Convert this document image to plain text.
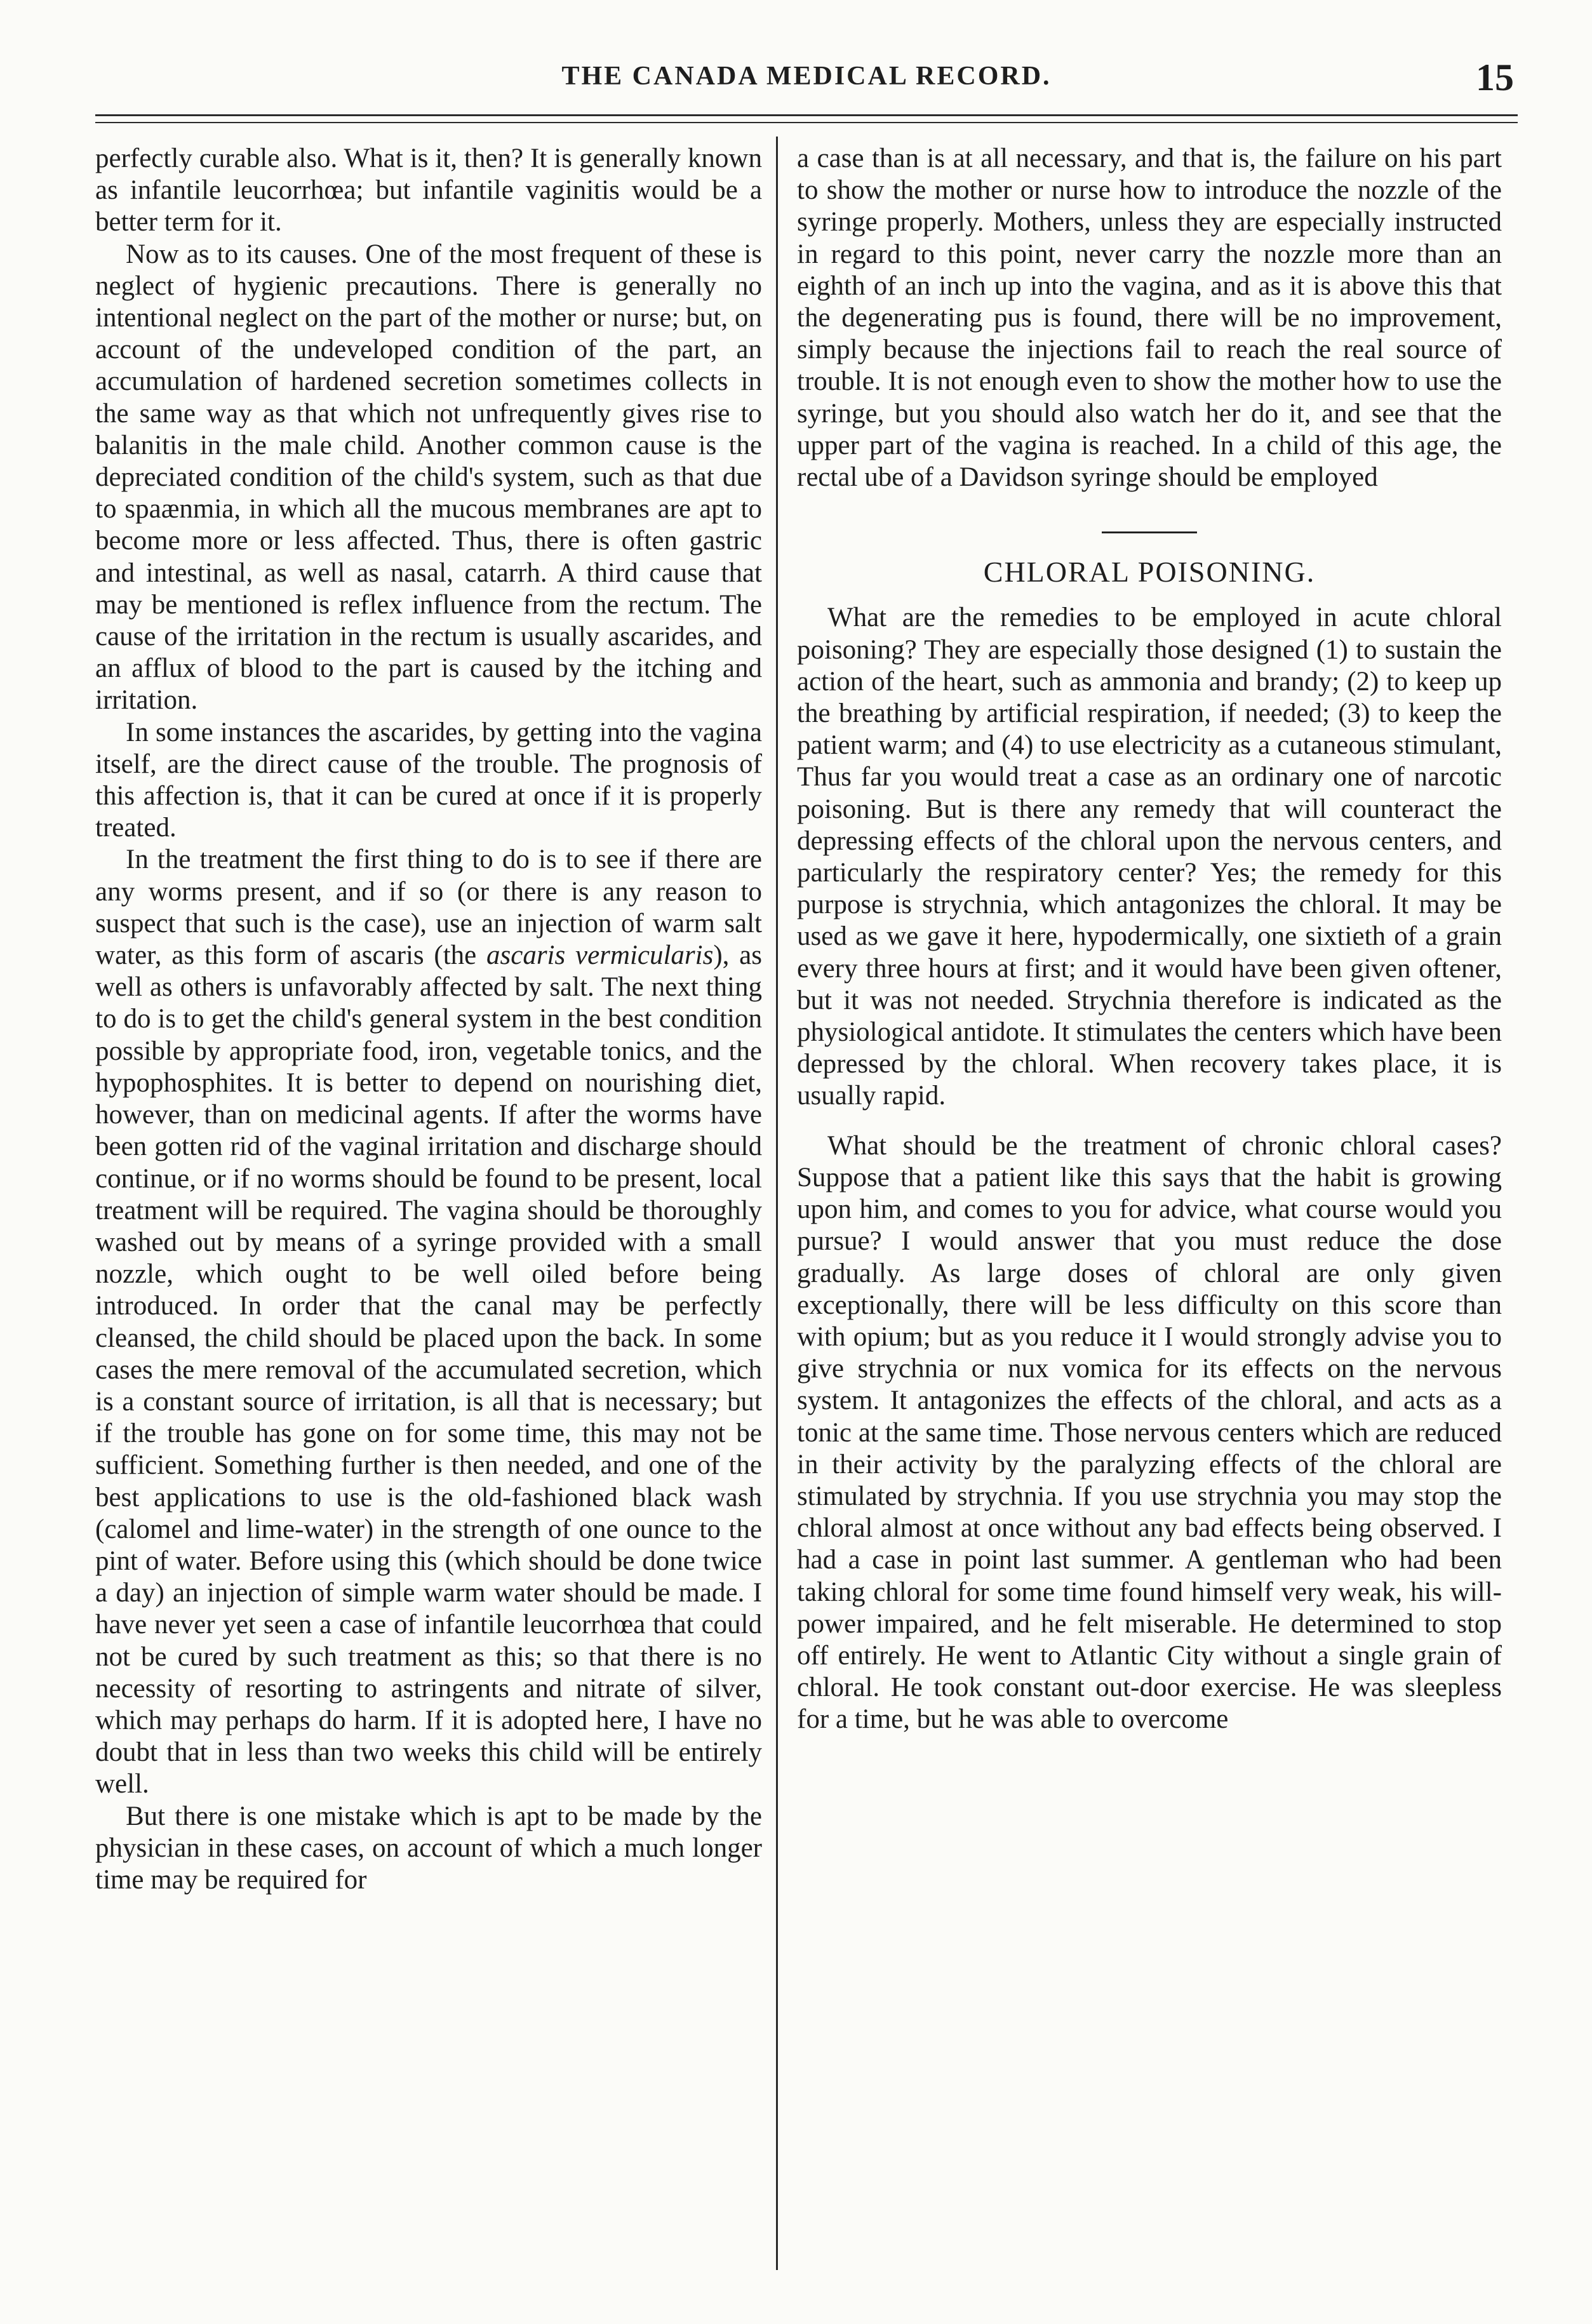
THE CANADA MEDICAL RECORD.	15

perfectly curable also. What is it, then? It is generally known as infantile leucorrhœa; but infantile vaginitis would be a better term for it.

Now as to its causes. One of the most frequent of these is neglect of hygienic precautions. There is generally no intentional neglect on the part of the mother or nurse; but, on account of the undeveloped condition of the part, an accumulation of hardened secretion sometimes collects in the same way as that which not unfrequently gives rise to balanitis in the male child. Another common cause is the depreciated condition of the child's system, such as that due to spaænmia, in which all the mucous membranes are apt to become more or less affected. Thus, there is often gastric and intestinal, as well as nasal, catarrh. A third cause that may be mentioned is reflex influence from the rectum. The cause of the irritation in the rectum is usually ascarides, and an afflux of blood to the part is caused by the itching and irritation.

In some instances the ascarides, by getting into the vagina itself, are the direct cause of the trouble. The prognosis of this affection is, that it can be cured at once if it is properly treated.

In the treatment the first thing to do is to see if there are any worms present, and if so (or there is any reason to suspect that such is the case), use an injection of warm salt water, as this form of ascaris (the ascaris vermicularis), as well as others is unfavorably affected by salt. The next thing to do is to get the child's general system in the best condition possible by appropriate food, iron, vegetable tonics, and the hypophosphites. It is better to depend on nourishing diet, however, than on medicinal agents. If after the worms have been gotten rid of the vaginal irritation and discharge should continue, or if no worms should be found to be present, local treatment will be required. The vagina should be thoroughly washed out by means of a syringe provided with a small nozzle, which ought to be well oiled before being introduced. In order that the canal may be perfectly cleansed, the child should be placed upon the back. In some cases the mere removal of the accumulated secretion, which is a constant source of irritation, is all that is necessary; but if the trouble has gone on for some time, this may not be sufficient. Something further is then needed, and one of the best applications to use is the old-fashioned black wash (calomel and lime-water) in the strength of one ounce to the pint of water. Before using this (which should be done twice a day) an injection of simple warm water should be made. I have never yet seen a case of infantile leucorrhœa that could not be cured by such treatment as this; so that there is no necessity of resorting to astringents and nitrate of silver, which may perhaps do harm. If it is adopted here, I have no doubt that in less than two weeks this child will be entirely well.

But there is one mistake which is apt to be made by the physician in these cases, on account of which a much longer time may be required for

a case than is at all necessary, and that is, the failure on his part to show the mother or nurse how to introduce the nozzle of the syringe properly. Mothers, unless they are especially instructed in regard to this point, never carry the nozzle more than an eighth of an inch up into the vagina, and as it is above this that the degenerating pus is found, there will be no improvement, simply because the injections fail to reach the real source of trouble. It is not enough even to show the mother how to use the syringe, but you should also watch her do it, and see that the upper part of the vagina is reached. In a child of this age, the rectal ube of a Davidson syringe should be employed

CHLORAL POISONING.

What are the remedies to be employed in acute chloral poisoning? They are especially those designed (1) to sustain the action of the heart, such as ammonia and brandy; (2) to keep up the breathing by artificial respiration, if needed; (3) to keep the patient warm; and (4) to use electricity as a cutaneous stimulant, Thus far you would treat a case as an ordinary one of narcotic poisoning. But is there any remedy that will counteract the depressing effects of the chloral upon the nervous centers, and particularly the respiratory center? Yes; the remedy for this purpose is strychnia, which antagonizes the chloral. It may be used as we gave it here, hypodermically, one sixtieth of a grain every three hours at first; and it would have been given oftener, but it was not needed. Strychnia therefore is indicated as the physiological antidote. It stimulates the centers which have been depressed by the chloral. When recovery takes place, it is usually rapid.

What should be the treatment of chronic chloral cases? Suppose that a patient like this says that the habit is growing upon him, and comes to you for advice, what course would you pursue? I would answer that you must reduce the dose gradually. As large doses of chloral are only given exceptionally, there will be less difficulty on this score than with opium; but as you reduce it I would strongly advise you to give strychnia or nux vomica for its effects on the nervous system. It antagonizes the effects of the chloral, and acts as a tonic at the same time. Those nervous centers which are reduced in their activity by the paralyzing effects of the chloral are stimulated by strychnia. If you use strychnia you may stop the chloral almost at once without any bad effects being observed. I had a case in point last summer. A gentleman who had been taking chloral for some time found himself very weak, his will-power impaired, and he felt miserable. He determined to stop off entirely. He went to Atlantic City without a single grain of chloral. He took constant out-door exercise. He was sleepless for a time, but he was able to overcome
